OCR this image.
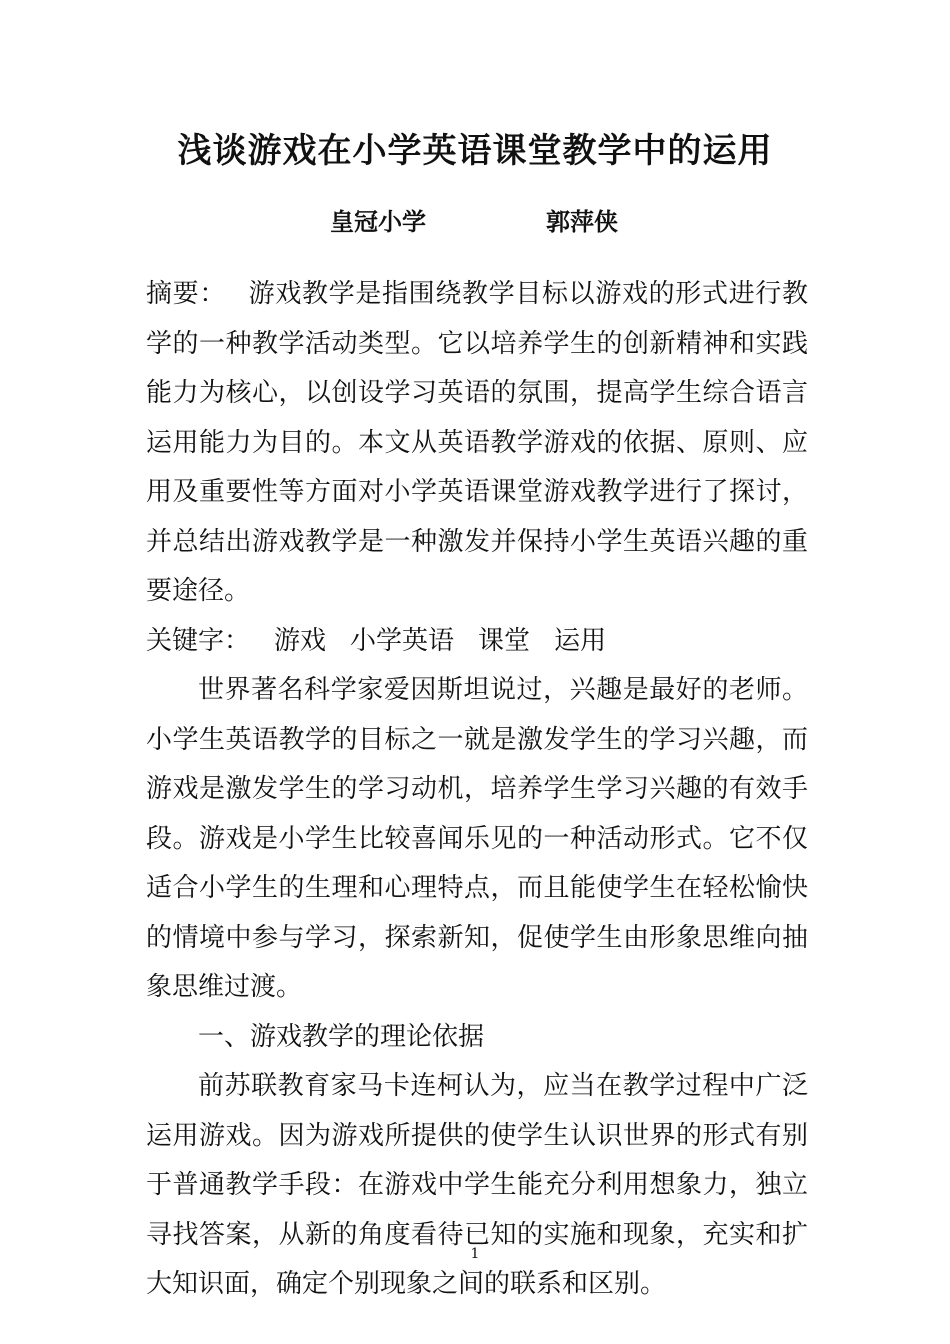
浅谈游戏在小学英语课堂教学中的运用
皇冠小学	郭萍侠

摘要： 游戏教学是指围绕教学目标以游戏的形式进行教学的一种教学活动类型。它以培养学生的创新精神和实践能力为核心，以创设学习英语的氛围，提高学生综合语言运用能力为目的。本文从英语教学游戏的依据、原则、应用及重要性等方面对小学英语课堂游戏教学进行了探讨，并总结出游戏教学是一种激发并保持小学生英语兴趣的重要途径。

关键字： 游戏 小学英语 课堂 运用

世界著名科学家爱因斯坦说过，兴趣是最好的老师。小学生英语教学的目标之一就是激发学生的学习兴趣，而游戏是激发学生的学习动机，培养学生学习兴趣的有效手段。游戏是小学生比较喜闻乐见的一种活动形式。它不仅适合小学生的生理和心理特点，而且能使学生在轻松愉快的情境中参与学习，探索新知，促使学生由形象思维向抽象思维过渡。

一、游戏教学的理论依据

前苏联教育家马卡连柯认为，应当在教学过程中广泛运用游戏。因为游戏所提供的使学生认识世界的形式有别于普通教学手段：在游戏中学生能充分利用想象力，独立寻找答案，从新的角度看待已知的实施和现象，充实和扩大知识面，确定个别现象之间的联系和区别。

1
